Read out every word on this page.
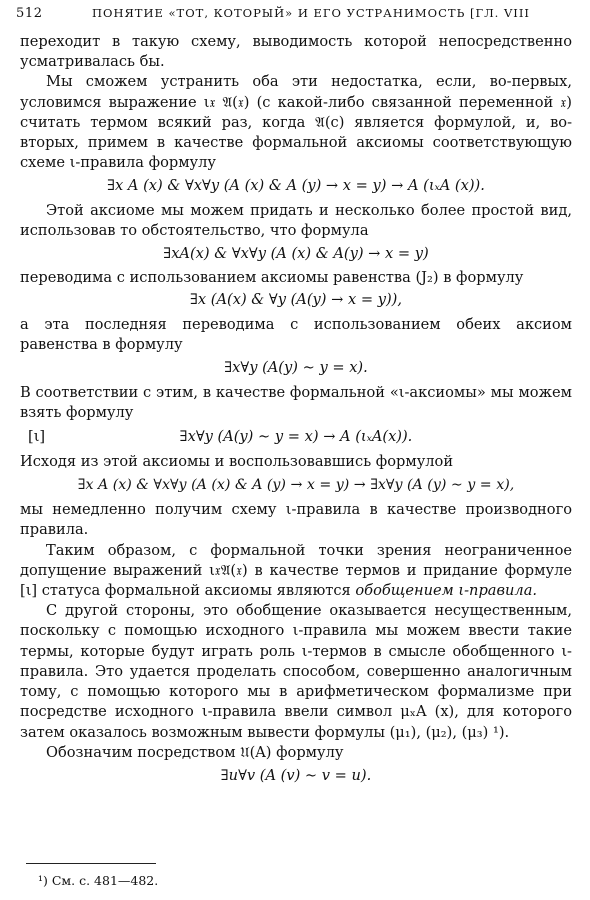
512	ПОНЯТИЕ «ТОТ, КОТОРЫЙ» И ЕГО УСТРАНИМОСТЬ [ГЛ. VIII

переходит в такую схему, выводимость которой непосредственно усматривалась бы.

Мы сможем устранить оба эти недостатка, если, во-первых, условимся выражение ι𝔵 𝔄(𝔵) (с какой-либо связанной переменной 𝔵) считать термом всякий раз, когда 𝔄(c) является формулой, и, во-вторых, примем в качестве формальной аксиомы соответствующую схеме ι-правила формулу

∃x A (x) & ∀x∀y (A (x) & A (y) → x = y) → A (ιₓA (x)).

Этой аксиоме мы можем придать и несколько более простой вид, использовав то обстоятельство, что формула

∃xA(x) & ∀x∀y (A (x) & A(y) → x = y)

переводима с использованием аксиомы равенства (J₂) в формулу

∃x (A(x) & ∀y (A(y) → x = y)),

а эта последняя переводима с использованием обеих аксиом равенства в формулу

∃x∀y (A(y) ∼ y = x).

В соответствии с этим, в качестве формальной «ι-аксиомы» мы можем взять формулу

[ι]	∃x∀y (A(y) ∼ y = x) → A (ιₓA(x)).

Исходя из этой аксиомы и воспользовавшись формулой

∃x A (x) & ∀x∀y (A (x) & A (y) → x = y) → ∃x∀y (A (y) ∼ y = x),

мы немедленно получим схему ι-правила в качестве производного правила.

Таким образом, с формальной точки зрения неограниченное допущение выражений ι𝔵𝔄(𝔵) в качестве термов и придание формуле [ι] статуса формальной аксиомы являются обобщением ι-правила.

С другой стороны, это обобщение оказывается несущественным, поскольку с помощью исходного ι-правила мы можем ввести такие термы, которые будут играть роль ι-термов в смысле обобщенного ι-правила. Это удается проделать способом, совершенно аналогичным тому, с помощью которого мы в арифметическом формализме при посредстве исходного ι-правила ввели символ μₓA (x), для которого затем оказалось возможным вывести формулы (μ₁), (μ₂), (μ₃) ¹).

Обозначим посредством 𝔘(A) формулу

∃u∀v (A (v) ∼ v = u).

¹) См. с. 481—482.
